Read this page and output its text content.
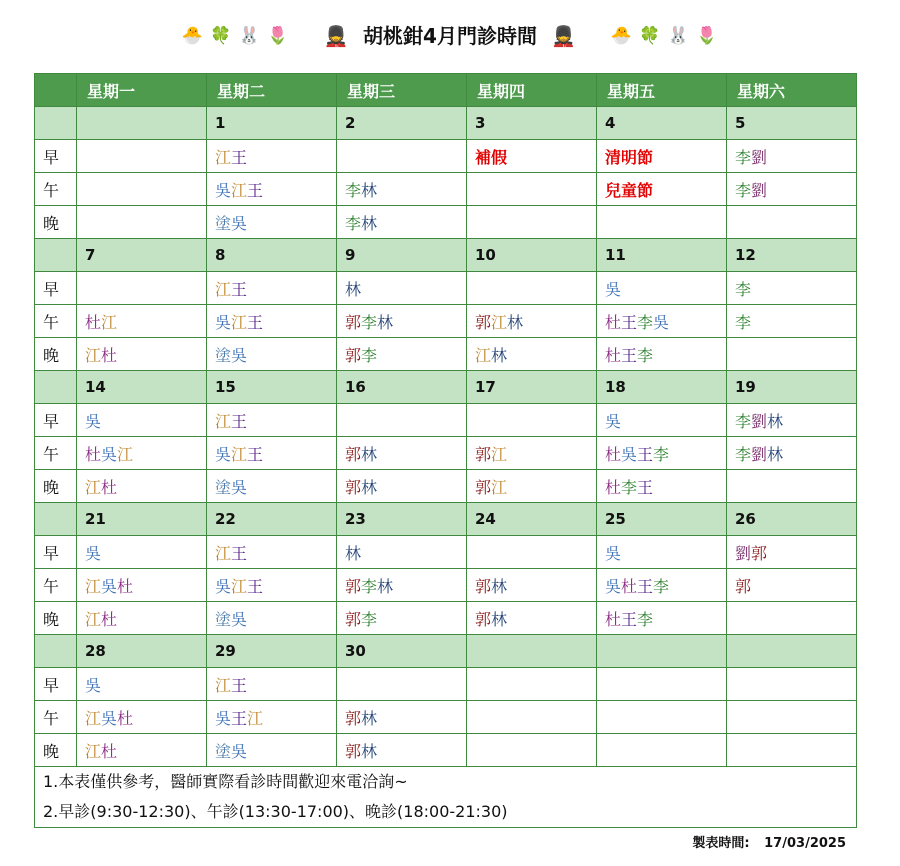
🐣 🍀 🐰 🌷 💂 胡桃鉗4月門診時間 💂 🐣 🍀 🐰 🌷
	星期一	星期二	星期三	星期四	星期五	星期六
		1	2	3	4	5
早		江王		補假	清明節	李劉
午		吳江王	李林		兒童節	李劉
晚		塗吳	李林			
	7	8	9	10	11	12
早		江王	林		吳	李
午	杜江	吳江王	郭李林	郭江林	杜王李吳	李
晚	江杜	塗吳	郭李	江林	杜王李	
	14	15	16	17	18	19
早	吳	江王			吳	李劉林
午	杜吳江	吳江王	郭林	郭江	杜吳王李	李劉林
晚	江杜	塗吳	郭林	郭江	杜李王	
	21	22	23	24	25	26
早	吳	江王	林		吳	劉郭
午	江吳杜	吳江王	郭李林	郭林	吳杜王李	郭
晚	江杜	塗吳	郭李	郭林	杜王李	
	28	29	30			
早	吳	江王				
午	江吳杜	吳王江	郭林			
晚	江杜	塗吳	郭林			

1.本表僅供參考，醫師實際看診時間歡迎來電洽詢~
2.早診(9:30-12:30)、午診(13:30-17:00)、晚診(18:00-21:30)						
製表時間: 17/03/2025
